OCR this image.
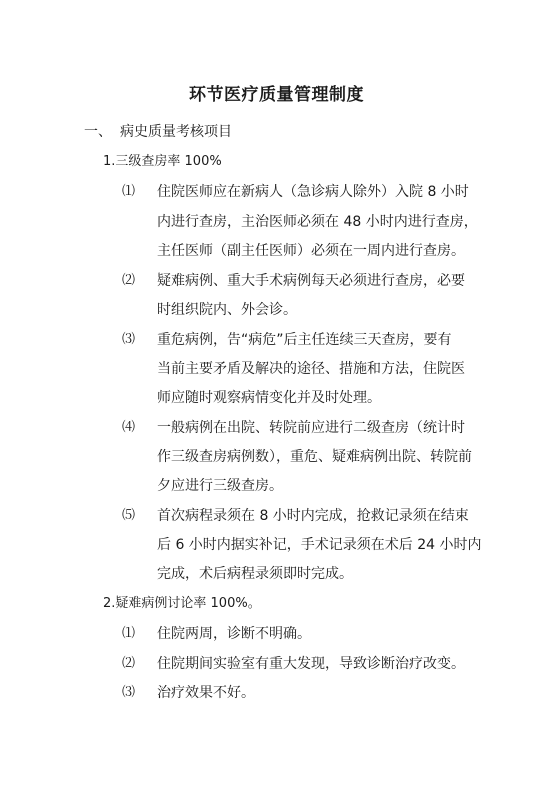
环节医疗质量管理制度
一、 病史质量考核项目
1.三级查房率 100%
⑴ 住院医师应在新病人（急诊病人除外）入院 8 小时
内进行查房，主治医师必须在 48 小时内进行查房，
主任医师（副主任医师）必须在一周内进行查房。
⑵ 疑难病例、重大手术病例每天必须进行查房，必要
时组织院内、外会诊。
⑶ 重危病例，告“病危”后主任连续三天查房，要有
当前主要矛盾及解决的途径、措施和方法，住院医
师应随时观察病情变化并及时处理。
⑷ 一般病例在出院、转院前应进行二级查房（统计时
作三级查房病例数），重危、疑难病例出院、转院前
夕应进行三级查房。
⑸ 首次病程录须在 8 小时内完成，抢救记录须在结束
后 6 小时内据实补记，手术记录须在术后 24 小时内
完成，术后病程录须即时完成。
2.疑难病例讨论率 100%。
⑴ 住院两周，诊断不明确。
⑵ 住院期间实验室有重大发现，导致诊断治疗改变。
⑶ 治疗效果不好。
